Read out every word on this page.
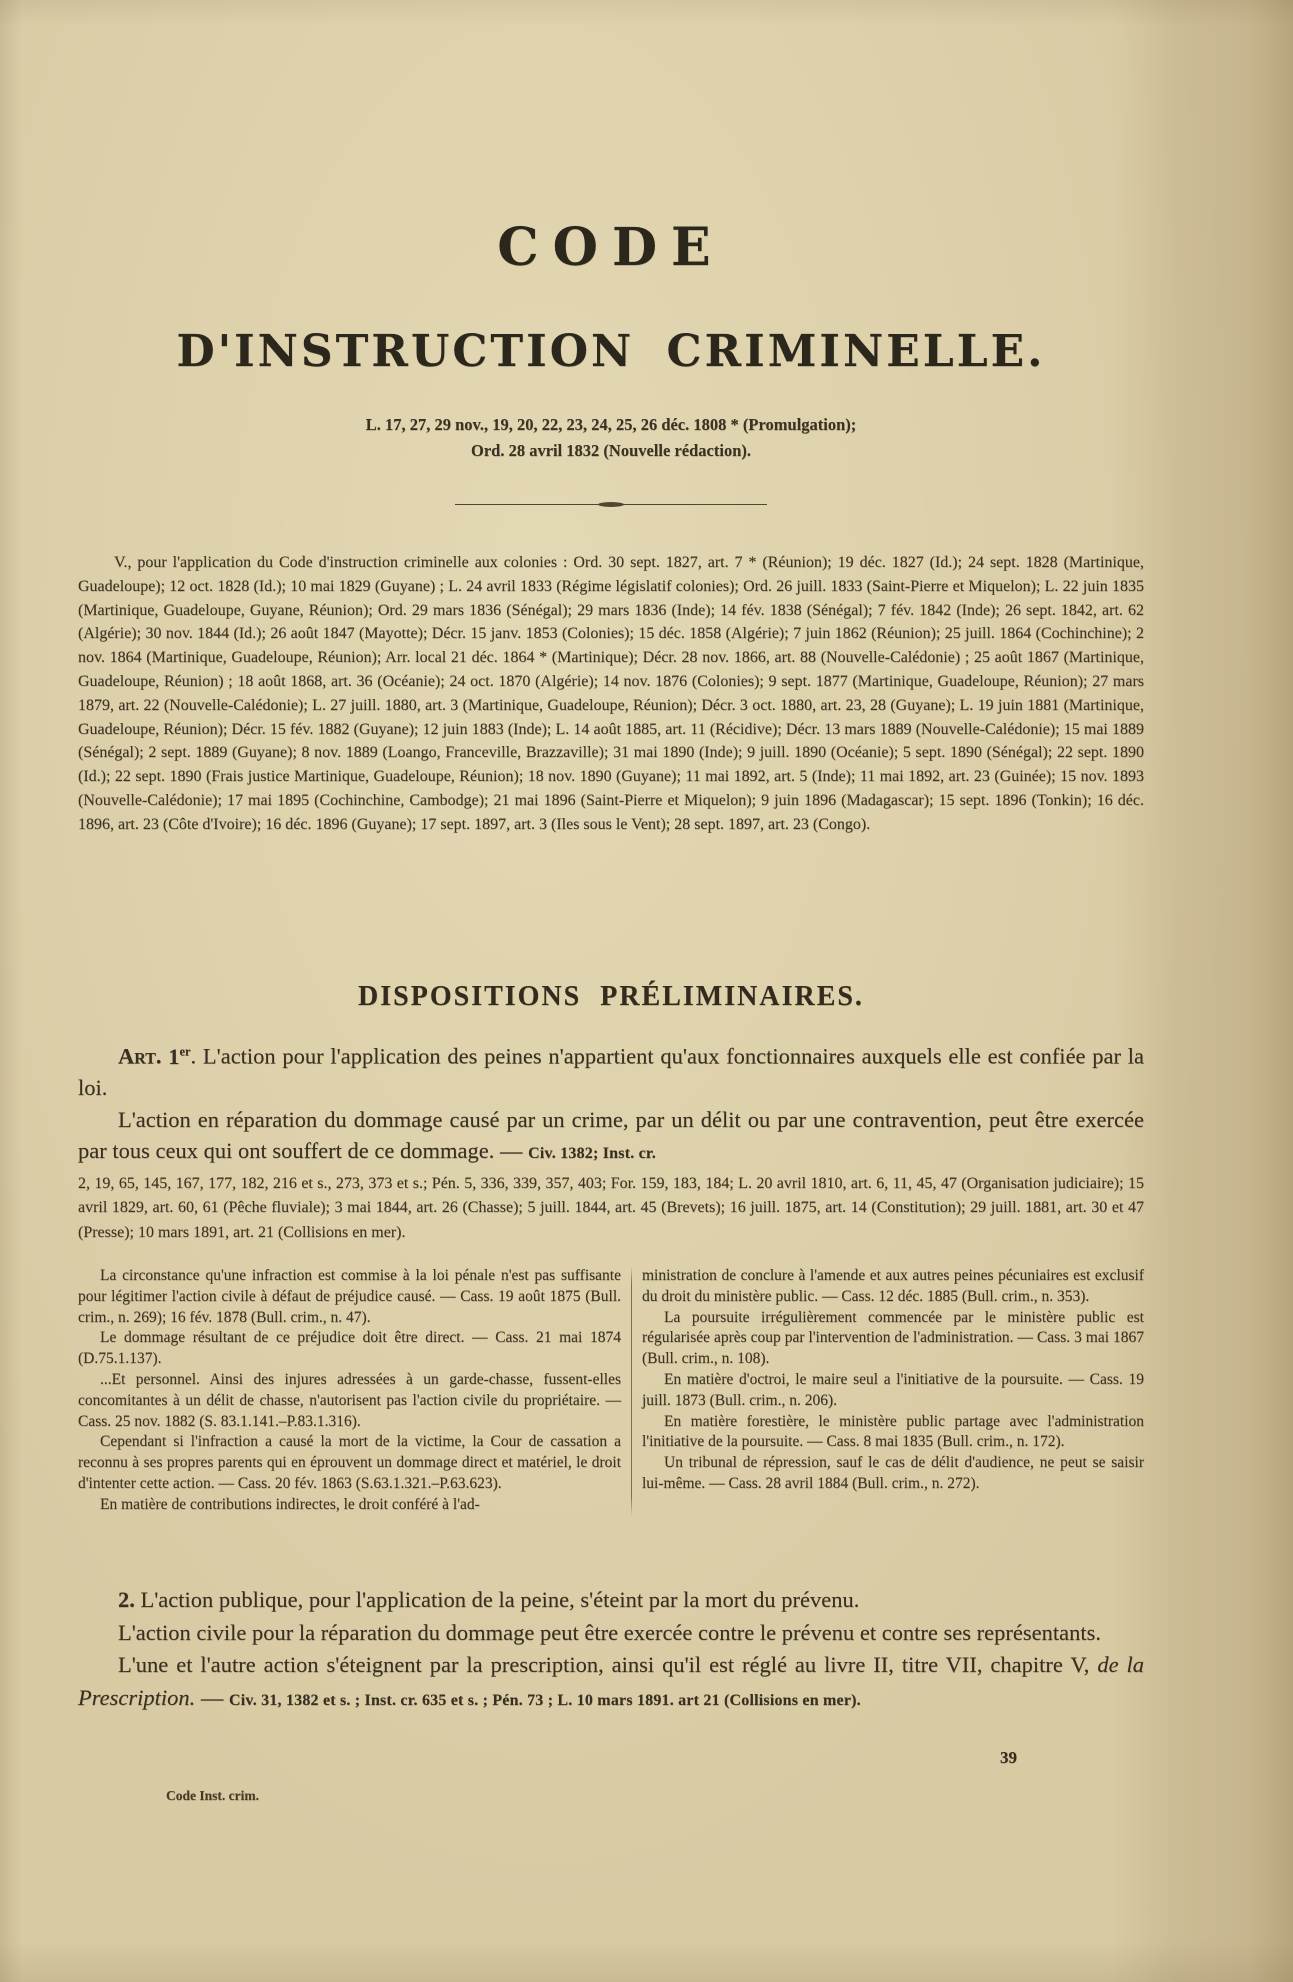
CODE
D'INSTRUCTION CRIMINELLE.
L. 17, 27, 29 nov., 19, 20, 22, 23, 24, 25, 26 déc. 1808 * (Promulgation);
Ord. 28 avril 1832 (Nouvelle rédaction).

V., pour l'application du Code d'instruction criminelle aux colonies : Ord. 30 sept. 1827, art. 7 * (Réunion); 19 déc. 1827 (Id.); 24 sept. 1828 (Martinique, Guadeloupe); 12 oct. 1828 (Id.); 10 mai 1829 (Guyane) ; L. 24 avril 1833 (Régime législatif colonies); Ord. 26 juill. 1833 (Saint-Pierre et Miquelon); L. 22 juin 1835 (Martinique, Guadeloupe, Guyane, Réunion); Ord. 29 mars 1836 (Sénégal); 29 mars 1836 (Inde); 14 fév. 1838 (Sénégal); 7 fév. 1842 (Inde); 26 sept. 1842, art. 62 (Algérie); 30 nov. 1844 (Id.); 26 août 1847 (Mayotte); Décr. 15 janv. 1853 (Colonies); 15 déc. 1858 (Algérie); 7 juin 1862 (Réunion); 25 juill. 1864 (Cochinchine); 2 nov. 1864 (Martinique, Guadeloupe, Réunion); Arr. local 21 déc. 1864 * (Martinique); Décr. 28 nov. 1866, art. 88 (Nouvelle-Calédonie) ; 25 août 1867 (Martinique, Guadeloupe, Réunion) ; 18 août 1868, art. 36 (Océanie); 24 oct. 1870 (Algérie); 14 nov. 1876 (Colonies); 9 sept. 1877 (Martinique, Guadeloupe, Réunion); 27 mars 1879, art. 22 (Nouvelle-Calédonie); L. 27 juill. 1880, art. 3 (Martinique, Guadeloupe, Réunion); Décr. 3 oct. 1880, art. 23, 28 (Guyane); L. 19 juin 1881 (Martinique, Guadeloupe, Réunion); Décr. 15 fév. 1882 (Guyane); 12 juin 1883 (Inde); L. 14 août 1885, art. 11 (Récidive); Décr. 13 mars 1889 (Nouvelle-Calédonie); 15 mai 1889 (Sénégal); 2 sept. 1889 (Guyane); 8 nov. 1889 (Loango, Franceville, Brazzaville); 31 mai 1890 (Inde); 9 juill. 1890 (Océanie); 5 sept. 1890 (Sénégal); 22 sept. 1890 (Id.); 22 sept. 1890 (Frais justice Martinique, Guadeloupe, Réunion); 18 nov. 1890 (Guyane); 11 mai 1892, art. 5 (Inde); 11 mai 1892, art. 23 (Guinée); 15 nov. 1893 (Nouvelle-Calédonie); 17 mai 1895 (Cochinchine, Cambodge); 21 mai 1896 (Saint-Pierre et Miquelon); 9 juin 1896 (Madagascar); 15 sept. 1896 (Tonkin); 16 déc. 1896, art. 23 (Côte d'Ivoire); 16 déc. 1896 (Guyane); 17 sept. 1897, art. 3 (Iles sous le Vent); 28 sept. 1897, art. 23 (Congo).

DISPOSITIONS PRÉLIMINAIRES.

Art. 1er. L'action pour l'application des peines n'appartient qu'aux fonctionnaires auxquels elle est confiée par la loi.

L'action en réparation du dommage causé par un crime, par un délit ou par une contravention, peut être exercée par tous ceux qui ont souffert de ce dommage. — Civ. 1382; Inst. cr.

2, 19, 65, 145, 167, 177, 182, 216 et s., 273, 373 et s.; Pén. 5, 336, 339, 357, 403; For. 159, 183, 184; L. 20 avril 1810, art. 6, 11, 45, 47 (Organisation judiciaire); 15 avril 1829, art. 60, 61 (Pêche fluviale); 3 mai 1844, art. 26 (Chasse); 5 juill. 1844, art. 45 (Brevets); 16 juill. 1875, art. 14 (Constitution); 29 juill. 1881, art. 30 et 47 (Presse); 10 mars 1891, art. 21 (Collisions en mer).

La circonstance qu'une infraction est commise à la loi pénale n'est pas suffisante pour légitimer l'action civile à défaut de préjudice causé. — Cass. 19 août 1875 (Bull. crim., n. 269); 16 fév. 1878 (Bull. crim., n. 47).

Le dommage résultant de ce préjudice doit être direct. — Cass. 21 mai 1874 (D.75.1.137).

...Et personnel. Ainsi des injures adressées à un garde-chasse, fussent-elles concomitantes à un délit de chasse, n'autorisent pas l'action civile du propriétaire. — Cass. 25 nov. 1882 (S. 83.1.141.–P.83.1.316).

Cependant si l'infraction a causé la mort de la victime, la Cour de cassation a reconnu à ses propres parents qui en éprouvent un dommage direct et matériel, le droit d'intenter cette action. — Cass. 20 fév. 1863 (S.63.1.321.–P.63.623).

En matière de contributions indirectes, le droit conféré à l'ad-

ministration de conclure à l'amende et aux autres peines pécuniaires est exclusif du droit du ministère public. — Cass. 12 déc. 1885 (Bull. crim., n. 353).

La poursuite irrégulièrement commencée par le ministère public est régularisée après coup par l'intervention de l'administration. — Cass. 3 mai 1867 (Bull. crim., n. 108).

En matière d'octroi, le maire seul a l'initiative de la poursuite. — Cass. 19 juill. 1873 (Bull. crim., n. 206).

En matière forestière, le ministère public partage avec l'administration l'initiative de la poursuite. — Cass. 8 mai 1835 (Bull. crim., n. 172).

Un tribunal de répression, sauf le cas de délit d'audience, ne peut se saisir lui-même. — Cass. 28 avril 1884 (Bull. crim., n. 272).

2. L'action publique, pour l'application de la peine, s'éteint par la mort du prévenu.

L'action civile pour la réparation du dommage peut être exercée contre le prévenu et contre ses représentants.

L'une et l'autre action s'éteignent par la prescription, ainsi qu'il est réglé au livre II, titre VII, chapitre V, de la Prescription. — Civ. 31, 1382 et s. ; Inst. cr. 635 et s. ; Pén. 73 ; L. 10 mars 1891. art 21 (Collisions en mer).

Code Inst. crim.
39
